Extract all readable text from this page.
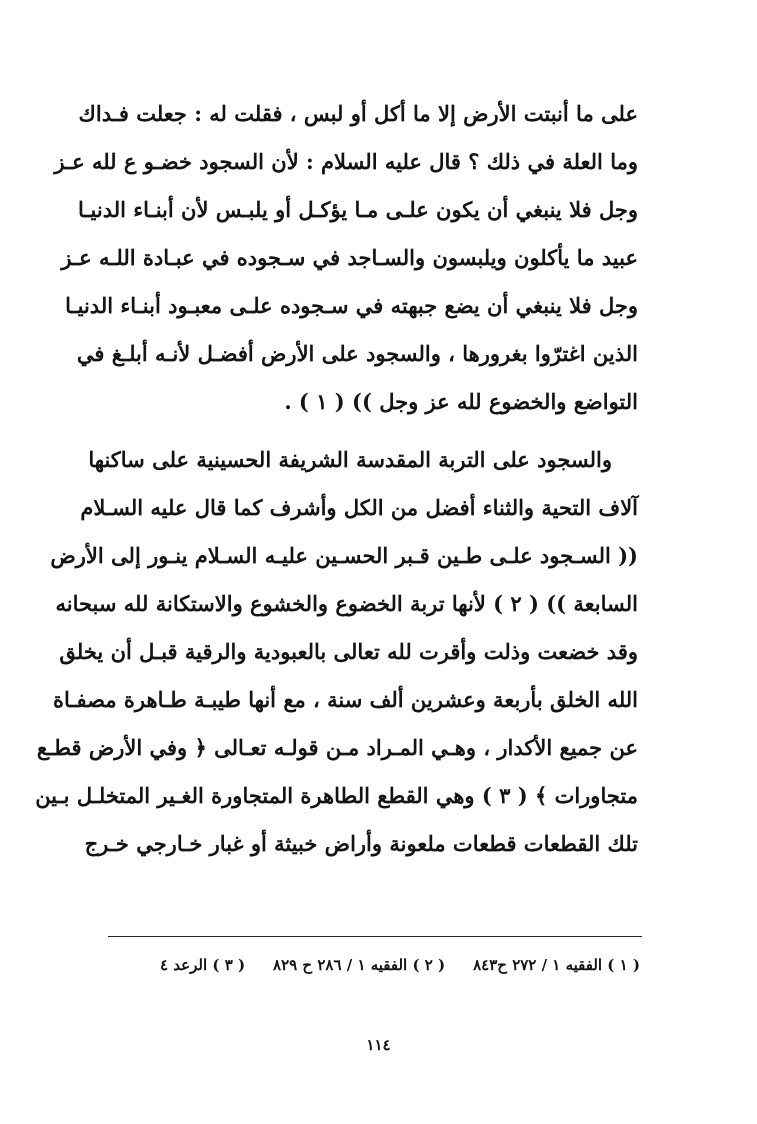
على ما أنبتت الأرض إلا ما أكل أو لبس ، فقلت له : جعلت فـداك
وما العلة في ذلك ؟ قال عليه السلام : لأن السجود خضـو ع لله عـز
وجل فلا ينبغي أن يكون علـى مـا يؤكـل أو يلبـس لأن أبنـاء الدنيـا
عبيد ما يأكلون ويلبسون والسـاجد في سـجوده في عبـادة اللـه عـز
وجل فلا ينبغي أن يضع جبهته في سـجوده علـى معبـود أبنـاء الدنيـا
الذين اغترّوا بغرورها ، والسجود على الأرض أفضـل لأنـه أبلـغ في
التواضع والخضوع لله عز وجل )) ( ١ ) .
والسجود على التربة المقدسة الشريفة الحسينية على ساكنها
آلاف التحية والثناء أفضل من الكل وأشرف كما قال عليه السـلام
(( السـجود علـى طـين قـبر الحسـين عليـه السـلام ينـور إلى الأرض
السابعة )) ( ٢ ) لأنها تربة الخضوع والخشوع والاستكانة لله سبحانه
وقد خضعت وذلت وأقرت لله تعالى بالعبودية والرقية قبـل أن يخلق
الله الخلق بأربعة وعشرين ألف سنة ، مع أنها طيبـة طـاهرة مصفـاة
عن جميع الأكدار ، وهـي المـراد مـن قولـه تعـالى ﴿ وفي الأرض قطـع
متجاورات ﴾ ( ٣ ) وهي القطع الطاهرة المتجاورة الغـير المتخلـل بـين
تلك القطعات قطعات ملعونة وأراض خبيثة أو غبار خـارجي خـرج
( ١ ) الفقيه ١ / ٢٧٢ ح٨٤٣
( ٢ ) الفقيه ١ / ٢٨٦ ح ٨٢٩
( ٣ ) الرعد ٤
١١٤
